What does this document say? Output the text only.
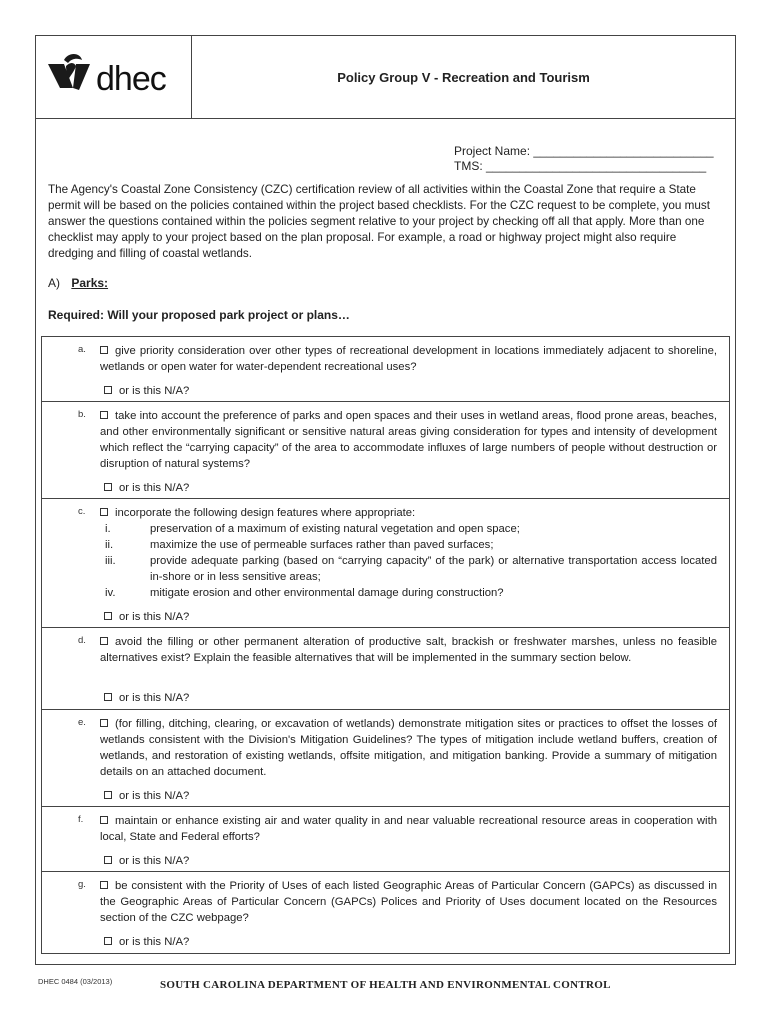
dhec	Policy Group V - Recreation and Tourism
Project Name: ___________________________
TMS: _________________________________
The Agency's Coastal Zone Consistency (CZC) certification review of all activities within the Coastal Zone that require a State permit will be based on the policies contained within the project based checklists. For the CZC request to be complete, you must answer the questions contained within the policies segment relative to your project by checking off all that apply. More than one checklist may apply to your project based on the plan proposal. For example, a road or highway project might also require dredging and filling of coastal wetlands.
A) Parks:
Required: Will your proposed park project or plans…
a.	give priority consideration over other types of recreational development in locations immediately adjacent to shoreline, wetlands or open water for water-dependent recreational uses?
or is this N/A?
b.	take into account the preference of parks and open spaces and their uses in wetland areas, flood prone areas, beaches, and other environmentally significant or sensitive natural areas giving consideration for types and intensity of development which reflect the “carrying capacity” of the area to accommodate influxes of large numbers of people without destruction or disruption of natural systems?
or is this N/A?
c.	incorporate the following design features where appropriate:
i.	preservation of a maximum of existing natural vegetation and open space;
ii.	maximize the use of permeable surfaces rather than paved surfaces;
iii.	provide adequate parking (based on “carrying capacity” of the park) or alternative transportation access located in-shore or in less sensitive areas;
iv.	mitigate erosion and other environmental damage during construction?
or is this N/A?
d.	avoid the filling or other permanent alteration of productive salt, brackish or freshwater marshes, unless no feasible alternatives exist? Explain the feasible alternatives that will be implemented in the summary section below.
or is this N/A?
e.	(for filling, ditching, clearing, or excavation of wetlands) demonstrate mitigation sites or practices to offset the losses of wetlands consistent with the Division's Mitigation Guidelines? The types of mitigation include wetland buffers, creation of wetlands, and restoration of existing wetlands, offsite mitigation, and mitigation banking. Provide a summary of mitigation details on an attached document.
or is this N/A?
f.	maintain or enhance existing air and water quality in and near valuable recreational resource areas in cooperation with local, State and Federal efforts?
or is this N/A?
g.	be consistent with the Priority of Uses of each listed Geographic Areas of Particular Concern (GAPCs) as discussed in the Geographic Areas of Particular Concern (GAPCs) Polices and Priority of Uses document located on the Resources section of the CZC webpage?
or is this N/A?
DHEC 0484 (03/2013)	SOUTH CAROLINA DEPARTMENT OF HEALTH AND ENVIRONMENTAL CONTROL
